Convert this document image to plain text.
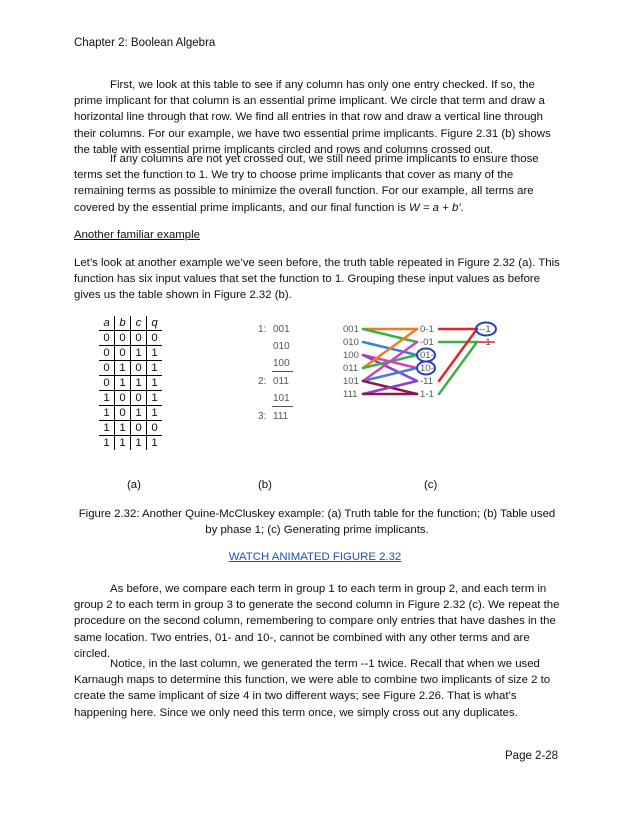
Chapter 2: Boolean Algebra

First, we look at this table to see if any column has only one entry checked. If so, the prime implicant for that column is an essential prime implicant. We circle that term and draw a horizontal line through that row. We find all entries in that row and draw a vertical line through their columns. For our example, we have two essential prime implicants. Figure 2.31 (b) shows the table with essential prime implicants circled and rows and columns crossed out.

If any columns are not yet crossed out, we still need prime implicants to ensure those terms set the function to 1. We try to choose prime implicants that cover as many of the remaining terms as possible to minimize the overall function. For our example, all terms are covered by the essential prime implicants, and our final function is W = a + b'.

Another familiar example

Let’s look at another example we’ve seen before, the truth table repeated in Figure 2.32 (a). This function has six input values that set the function to 1. Grouping these input values as before gives us the table shown in Figure 2.32 (b).

a	b	c	q
0	0	0	0
0	0	1	1
0	1	0	1
0	1	1	1
1	0	0	1
1	0	1	1
1	1	0	0
1	1	1	1
1: 001
010
100
2: 011
101
3: 111
001
010
100
011
101
111
0-1
-01
01-
10-
-11
1-1
--1
--1
(a)	(b)	(c)
Figure 2.32: Another Quine-McCluskey example: (a) Truth table for the function; (b) Table used by phase 1; (c) Generating prime implicants.
WATCH ANIMATED FIGURE 2.32

As before, we compare each term in group 1 to each term in group 2, and each term in group 2 to each term in group 3 to generate the second column in Figure 2.32 (c). We repeat the procedure on the second column, remembering to compare only entries that have dashes in the same location. Two entries, 01- and 10-, cannot be combined with any other terms and are circled.

Notice, in the last column, we generated the term --1 twice. Recall that when we used Karnaugh maps to determine this function, we were able to combine two implicants of size 2 to create the same implicant of size 4 in two different ways; see Figure 2.26. That is what’s happening here. Since we only need this term once, we simply cross out any duplicates.

Page 2-28
